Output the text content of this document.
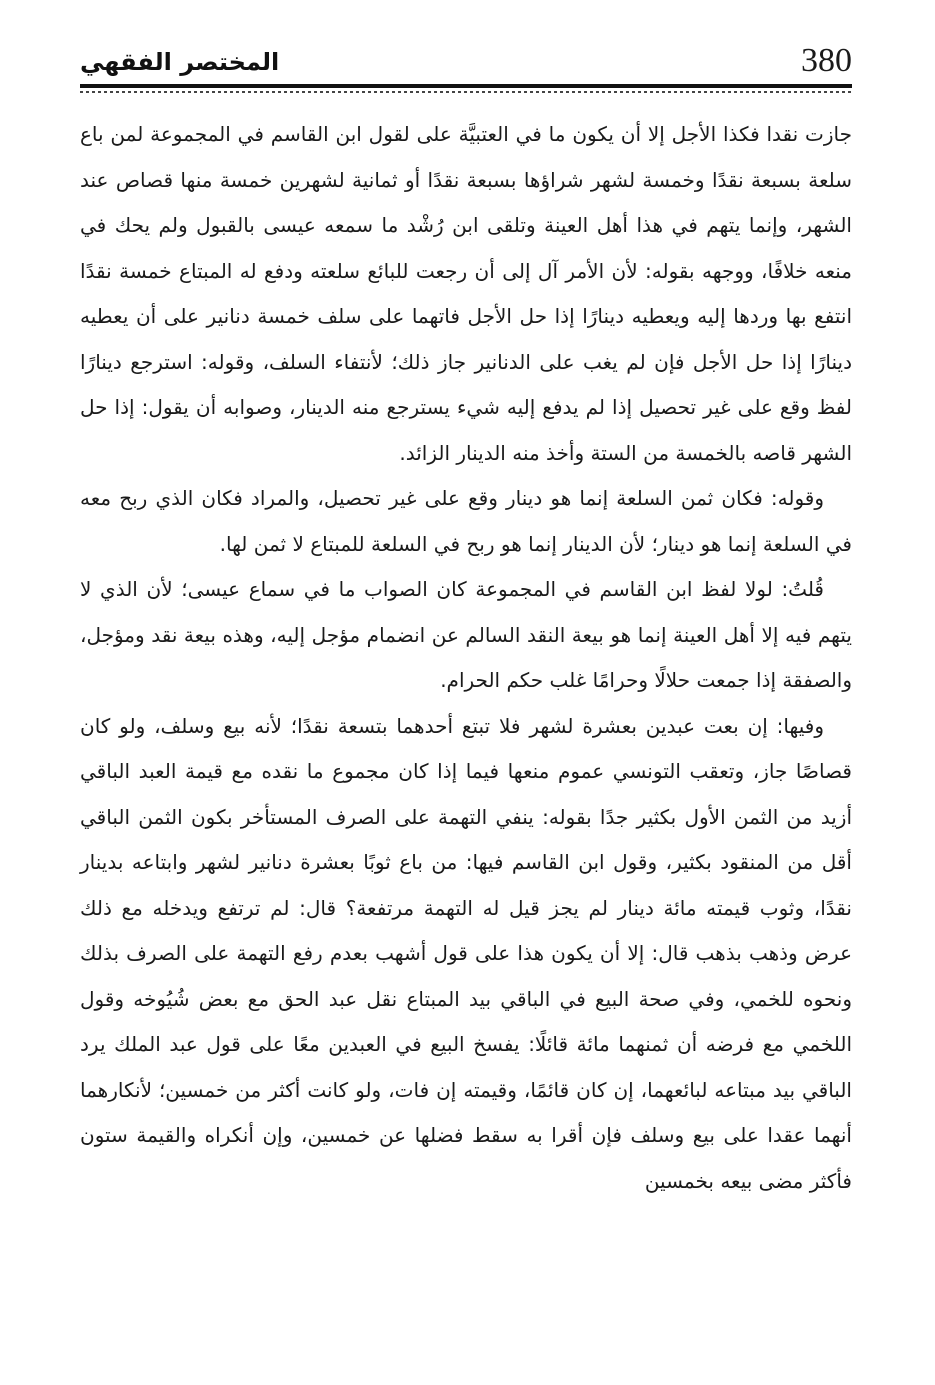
380
المختصر الفقهي

جازت نقدا فكذا الأجل إلا أن يكون ما في العتبيَّة على لقول ابن القاسم في المجموعة لمن باع سلعة بسبعة نقدًا وخمسة لشهر شراؤها بسبعة نقدًا أو ثمانية لشهرين خمسة منها قصاص عند الشهر، وإنما يتهم في هذا أهل العينة وتلقى ابن رُشْد ما سمعه عيسى بالقبول ولم يحك في منعه خلافًا، ووجهه بقوله: لأن الأمر آل إلى أن رجعت للبائع سلعته ودفع له المبتاع خمسة نقدًا انتفع بها وردها إليه ويعطيه دينارًا إذا حل الأجل فاتهما على سلف خمسة دنانير على أن يعطيه دينارًا إذا حل الأجل فإن لم يغب على الدنانير جاز ذلك؛ لأنتفاء السلف، وقوله: استرجع دينارًا لفظ وقع على غير تحصيل إذا لم يدفع إليه شيء يسترجع منه الدينار، وصوابه أن يقول: إذا حل الشهر قاصه بالخمسة من الستة وأخذ منه الدينار الزائد.

وقوله: فكان ثمن السلعة إنما هو دينار وقع على غير تحصيل، والمراد فكان الذي ربح معه في السلعة إنما هو دينار؛ لأن الدينار إنما هو ربح في السلعة للمبتاع لا ثمن لها.

قُلتُ: لولا لفظ ابن القاسم في المجموعة كان الصواب ما في سماع عيسى؛ لأن الذي لا يتهم فيه إلا أهل العينة إنما هو بيعة النقد السالم عن انضمام مؤجل إليه، وهذه بيعة نقد ومؤجل، والصفقة إذا جمعت حلالًا وحرامًا غلب حكم الحرام.

وفيها: إن بعت عبدين بعشرة لشهر فلا تبتع أحدهما بتسعة نقدًا؛ لأنه بيع وسلف، ولو كان قصاصًا جاز، وتعقب التونسي عموم منعها فيما إذا كان مجموع ما نقده مع قيمة العبد الباقي أزيد من الثمن الأول بكثير جدًا بقوله: ينفي التهمة على الصرف المستأخر بكون الثمن الباقي أقل من المنقود بكثير، وقول ابن القاسم فيها: من باع ثوبًا بعشرة دنانير لشهر وابتاعه بدينار نقدًا، وثوب قيمته مائة دينار لم يجز قيل له التهمة مرتفعة؟ قال: لم ترتفع ويدخله مع ذلك عرض وذهب بذهب قال: إلا أن يكون هذا على قول أشهب بعدم رفع التهمة على الصرف بذلك ونحوه للخمي، وفي صحة البيع في الباقي بيد المبتاع نقل عبد الحق مع بعض شُيُوخه وقول اللخمي مع فرضه أن ثمنهما مائة قائلًا: يفسخ البيع في العبدين معًا على قول عبد الملك يرد الباقي بيد مبتاعه لبائعهما، إن كان قائمًا، وقيمته إن فات، ولو كانت أكثر من خمسين؛ لأنكارهما أنهما عقدا على بيع وسلف فإن أقرا به سقط فضلها عن خمسين، وإن أنكراه والقيمة ستون فأكثر مضى بيعه بخمسين
